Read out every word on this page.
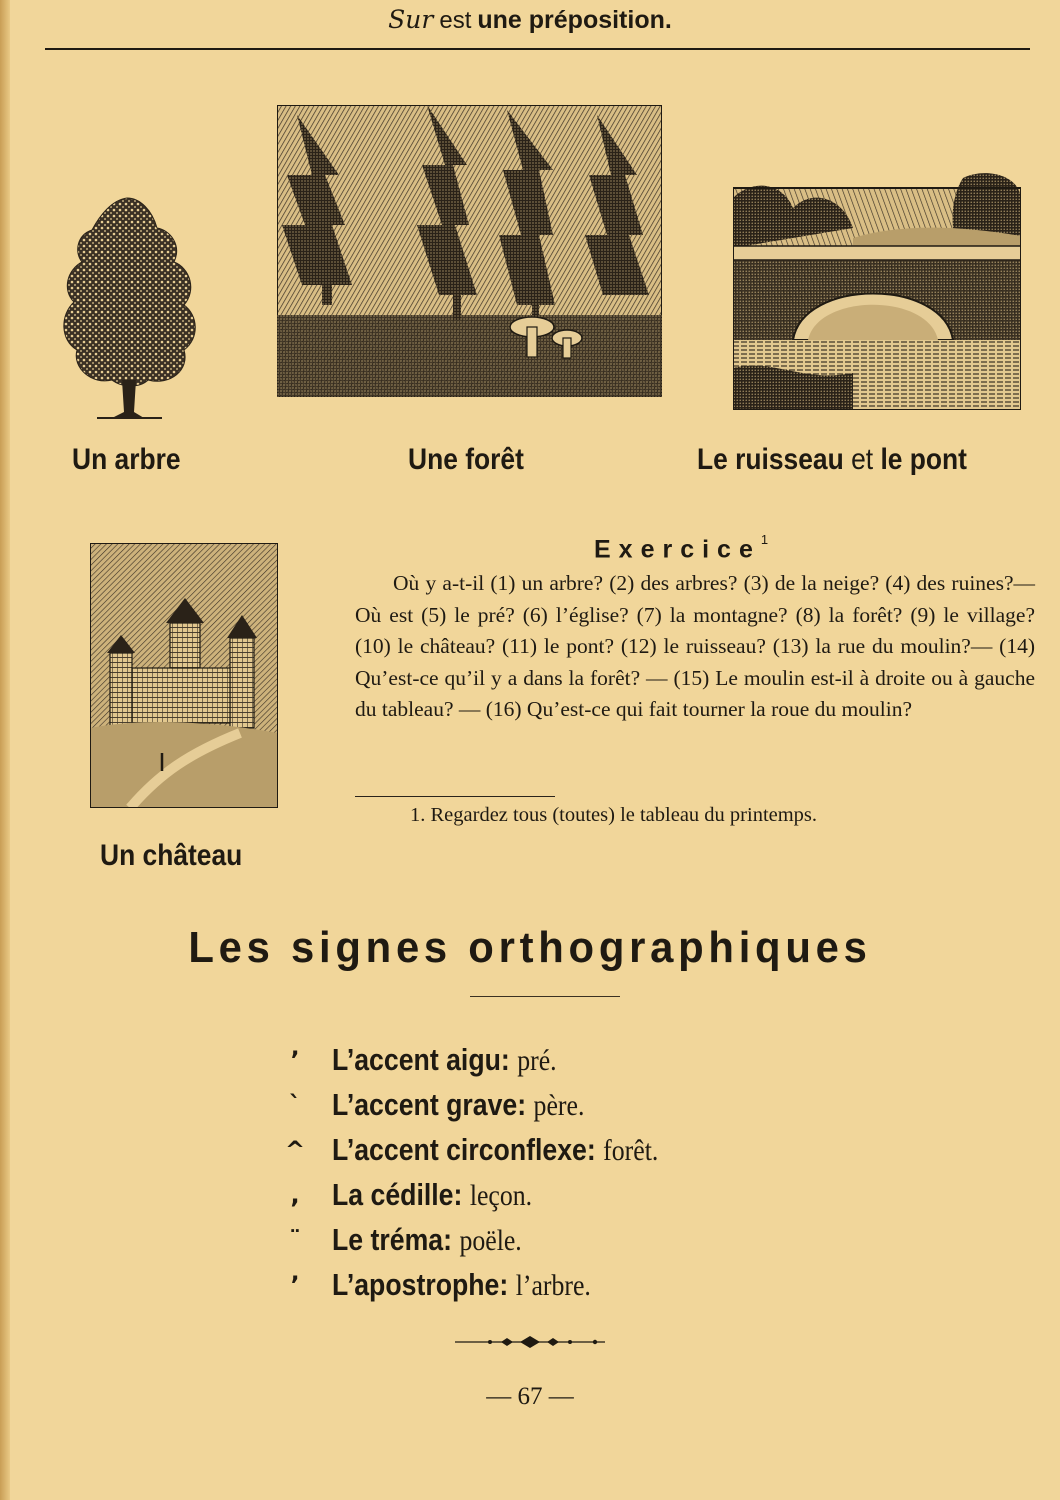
Sur est une préposition.
Un arbre	Une forêt	Le ruisseau et le pont
Un château
Exercice$^1$

Où y a-t-il (1) un arbre? (2) des arbres? (3) de la neige? (4) des ruines?—Où est (5) le pré? (6) l’église? (7) la montagne? (8) la forêt? (9) le village? (10) le château? (11) le pont? (12) le ruisseau? (13) la rue du moulin?— (14) Qu’est-ce qu’il y a dans la forêt? — (15) Le moulin est-il à droite ou à gauche du tableau? — (16) Qu’est-ce qui fait tourner la roue du moulin?

1. Regardez tous (toutes) le tableau du printemps.
Les signes orthographiques
ʼ	L’accent aigu: pré.
ˋ	L’accent grave: père.
^ L’accent circonflexe: forêt.
,	La cédille: leçon.
¨	Le tréma: poële.
’	L’apostrophe: l’arbre.
— 67 —
